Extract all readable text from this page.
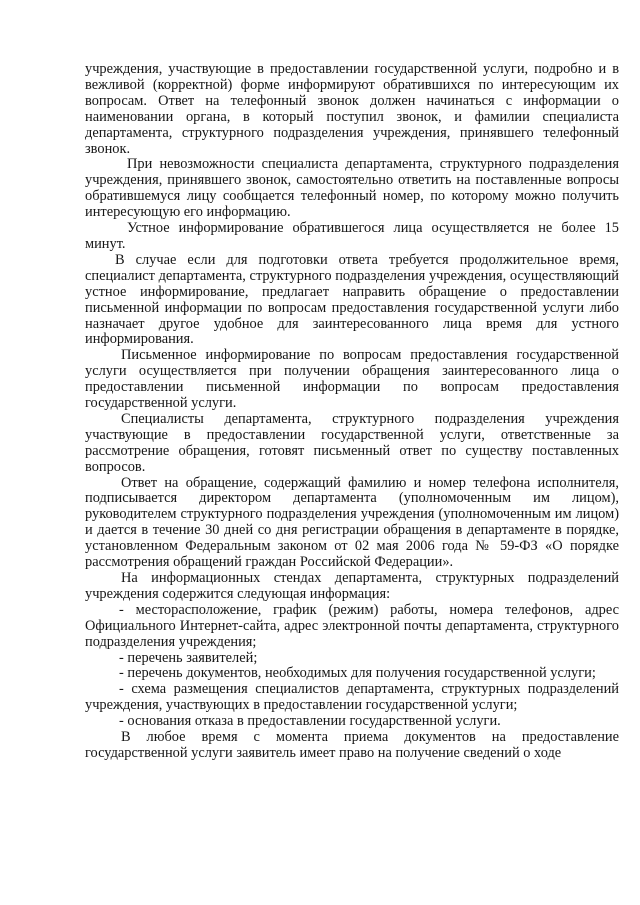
учреждения, участвующие в предоставлении государственной услуги, подробно и в вежливой (корректной) форме информируют обратившихся по интересующим их вопросам. Ответ на телефонный звонок должен начинаться с информации о наименовании органа, в который поступил звонок, и фамилии специалиста департамента, структурного подразделения учреждения, принявшего телефонный звонок.

При невозможности специалиста департамента, структурного подразделения учреждения, принявшего звонок, самостоятельно ответить на поставленные вопросы обратившемуся лицу сообщается телефонный номер, по которому можно получить интересующую его информацию.

Устное информирование обратившегося лица осуществляется не более 15 минут.

В случае если для подготовки ответа требуется продолжительное время, специалист департамента, структурного подразделения учреждения, осуществляющий устное информирование, предлагает направить обращение о предоставлении письменной информации по вопросам предоставления государственной услуги либо назначает другое удобное для заинтересованного лица время для устного информирования.

Письменное информирование по вопросам предоставления государственной услуги осуществляется при получении обращения заинтересованного лица о предоставлении письменной информации по вопросам предоставления государственной услуги.

Специалисты департамента, структурного подразделения учреждения участвующие в предоставлении государственной услуги, ответственные за рассмотрение обращения, готовят письменный ответ по существу поставленных вопросов.

Ответ на обращение, содержащий фамилию и номер телефона исполнителя, подписывается директором департамента (уполномоченным им лицом), руководителем структурного подразделения учреждения (уполномоченным им лицом) и дается в течение 30 дней со дня регистрации обращения в департаменте в порядке, установленном Федеральным законом от 02 мая 2006 года № 59-ФЗ «О порядке рассмотрения обращений граждан Российской Федерации».

На информационных стендах департамента, структурных подразделений учреждения содержится следующая информация:

- месторасположение, график (режим) работы, номера телефонов, адрес Официального Интернет-сайта, адрес электронной почты департамента, структурного подразделения учреждения;

- перечень заявителей;

- перечень документов, необходимых для получения государственной услуги;

- схема размещения специалистов департамента, структурных подразделений учреждения, участвующих в предоставлении государственной услуги;

- основания отказа в предоставлении государственной услуги.

В любое время с момента приема документов на предоставление государственной услуги заявитель имеет право на получение сведений о ходе
